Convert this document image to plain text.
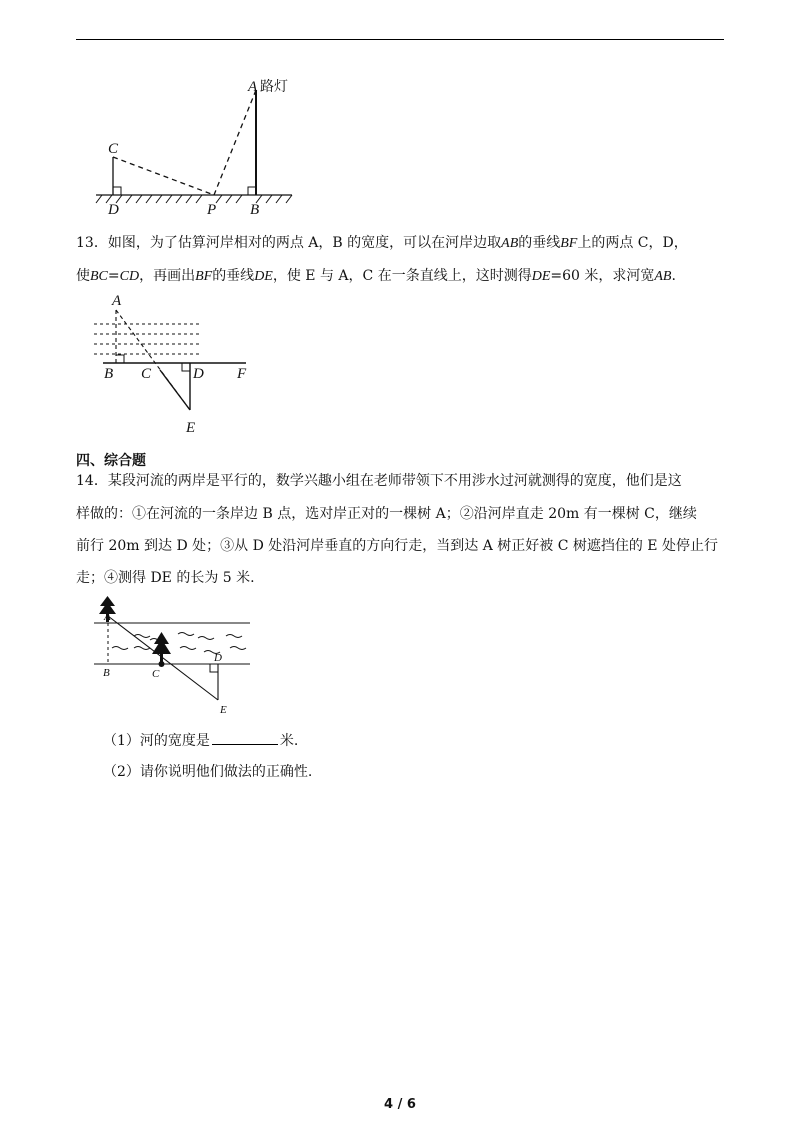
A 路灯
C
D	P B
13．如图，为了估算河岸相对的两点 A，B 的宽度，可以在河岸边取AB的垂线BF上的两点 C，D，
使BC=CD，再画出BF的垂线DE，使 E 与 A，C 在一条直线上，这时测得DE=60 米，求河宽AB.
A
B C	D F
E
四、综合题
14．某段河流的两岸是平行的，数学兴趣小组在老师带领下不用涉水过河就测得的宽度，他们是这
样做的：①在河流的一条岸边 B 点，选对岸正对的一棵树 A；②沿河岸直走 20m 有一棵树 C，继续
前行 20m 到达 D 处；③从 D 处沿河岸垂直的方向行走，当到达 A 树正好被 C 树遮挡住的 E 处停止行
走；④测得 DE 的长为 5 米.
A
B	C
D
E
（1）河的宽度是	米.
（2）请你说明他们做法的正确性.
4 / 6
